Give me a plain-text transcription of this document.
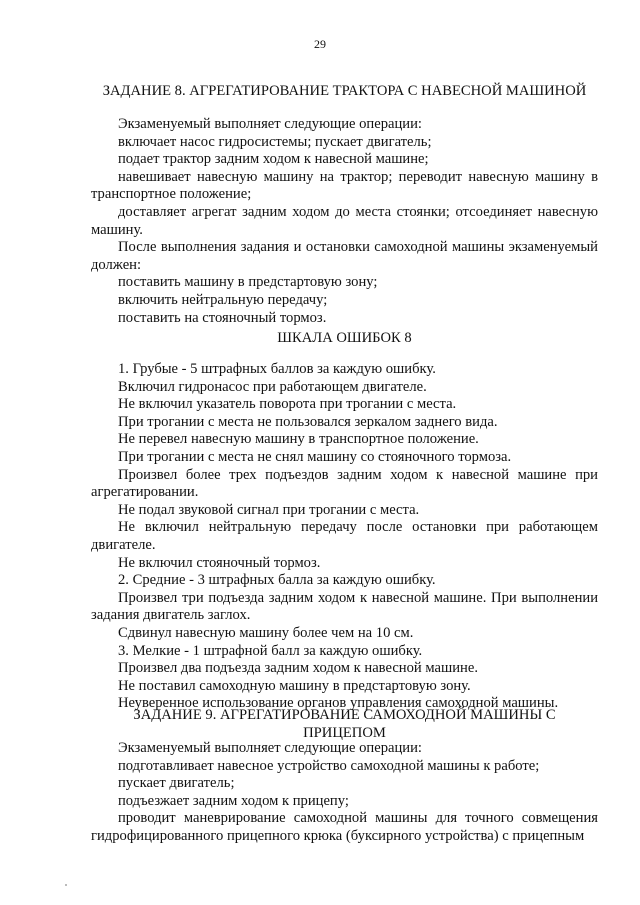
29

ЗАДАНИЕ 8. АГРЕГАТИРОВАНИЕ ТРАКТОРА С НАВЕСНОЙ МАШИНОЙ

Экзаменуемый выполняет следующие операции:

включает насос гидросистемы; пускает двигатель;

подает трактор задним ходом к навесной машине;

навешивает навесную машину на трактор; переводит навесную машину в транспортное положение;

доставляет агрегат задним ходом до места стоянки; отсоединяет навесную машину.

После выполнения задания и остановки самоходной машины экзаменуемый должен:

поставить машину в предстартовую зону;

включить нейтральную передачу;

поставить на стояночный тормоз.

ШКАЛА ОШИБОК 8

1. Грубые - 5 штрафных баллов за каждую ошибку.

Включил гидронасос при работающем двигателе.

Не включил указатель поворота при трогании с места.

При трогании с места не пользовался зеркалом заднего вида.

Не перевел навесную машину в транспортное положение.

При трогании с места не снял машину со стояночного тормоза.

Произвел более трех подъездов задним ходом к навесной машине при агрегатировании.

Не подал звуковой сигнал при трогании с места.

Не включил нейтральную передачу после остановки при работающем двигателе.

Не включил стояночный тормоз.

2. Средние - 3 штрафных балла за каждую ошибку.

Произвел три подъезда задним ходом к навесной машине. При выполнении задания двигатель заглох.

Сдвинул навесную машину более чем на 10 см.

3. Мелкие - 1 штрафной балл за каждую ошибку.

Произвел два подъезда задним ходом к навесной машине.

Не поставил самоходную машину в предстартовую зону.

Неуверенное использование органов управления самоходной машины.

ЗАДАНИЕ 9. АГРЕГАТИРОВАНИЕ САМОХОДНОЙ МАШИНЫ С ПРИЦЕПОМ

Экзаменуемый выполняет следующие операции:

подготавливает навесное устройство самоходной машины к работе;

пускает двигатель;

подъезжает задним ходом к прицепу;

проводит маневрирование самоходной машины для точного совмещения гидрофицированного прицепного крюка (буксирного устройства) с прицепным
